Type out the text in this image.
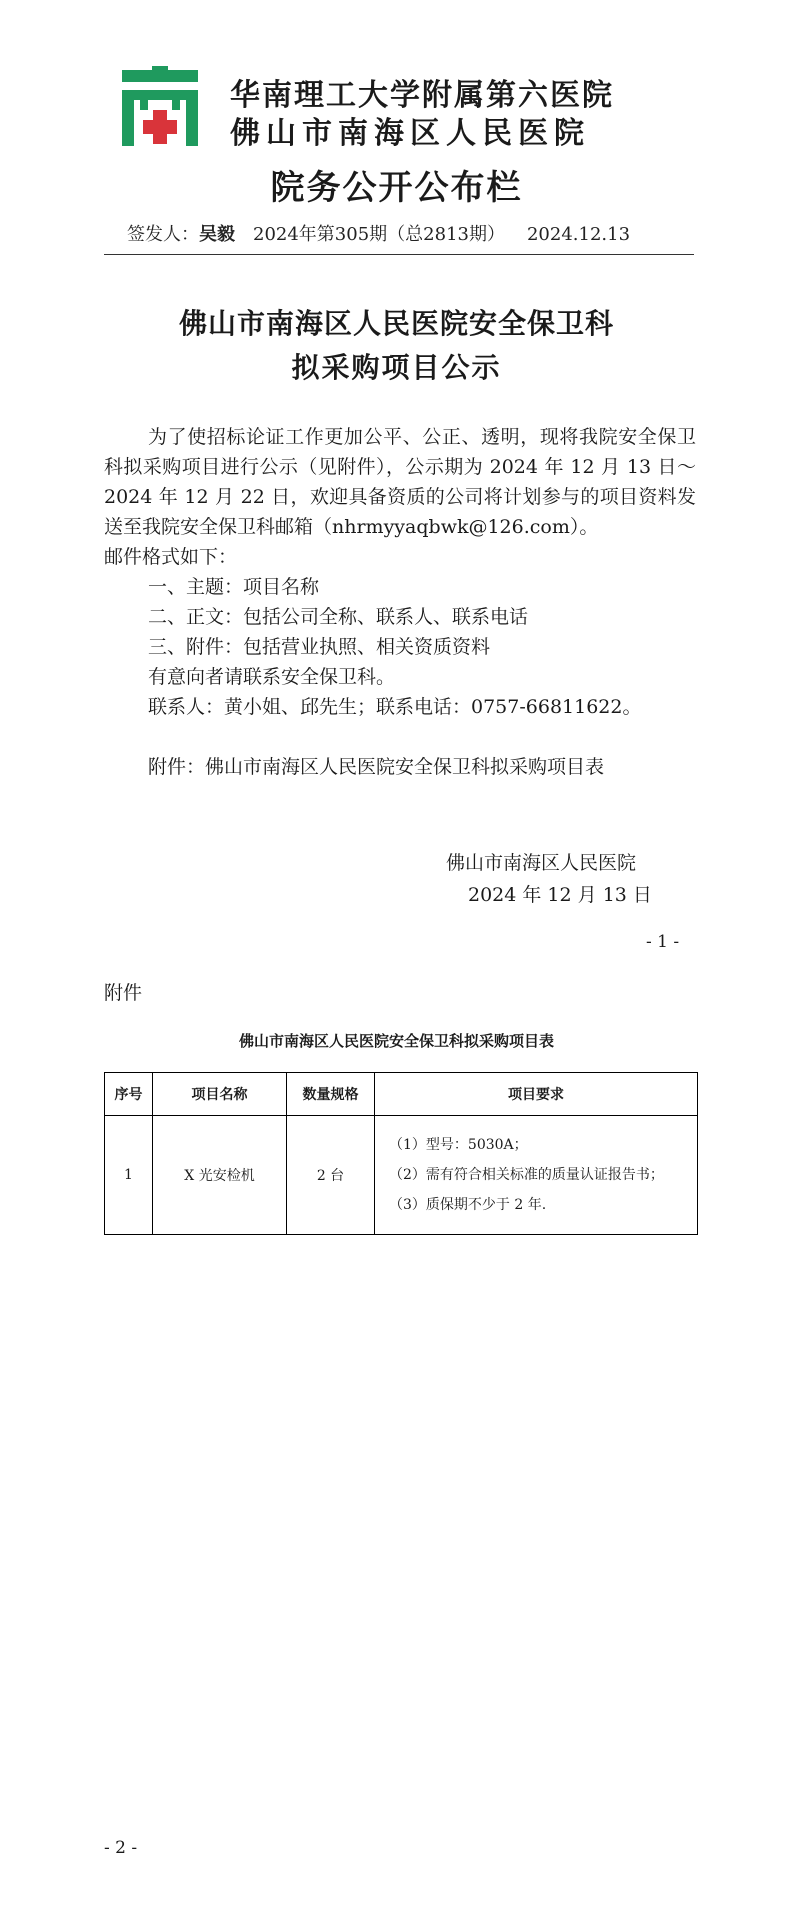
华南理工大学附属第六医院
佛山市南海区人民医院
院务公开公布栏
签发人：吴毅 2024年第305期（总2813期） 2024.12.13
佛山市南海区人民医院安全保卫科
拟采购项目公示
为了使招标论证工作更加公平、公正、透明，现将我院安全保卫科拟采购项目进行公示（见附件），公示期为 2024 年 12 月 13 日～2024 年 12 月 22 日，欢迎具备资质的公司将计划参与的项目资料发送至我院安全保卫科邮箱（nhrmyyaqbwk@126.com）。
邮件格式如下：
一、主题：项目名称
二、正文：包括公司全称、联系人、联系电话
三、附件：包括营业执照、相关资质资料
有意向者请联系安全保卫科。
联系人：黄小姐、邱先生；联系电话：0757-66811622。
附件：佛山市南海区人民医院安全保卫科拟采购项目表
佛山市南海区人民医院
2024 年 12 月 13 日
- 1 -
附件
佛山市南海区人民医院安全保卫科拟采购项目表
序号	项目名称	数量规格	项目要求
1	X 光安检机	2 台	（1）型号：5030A；
（2）需有符合相关标准的质量认证报告书；
（3）质保期不少于 2 年.
- 2 -
